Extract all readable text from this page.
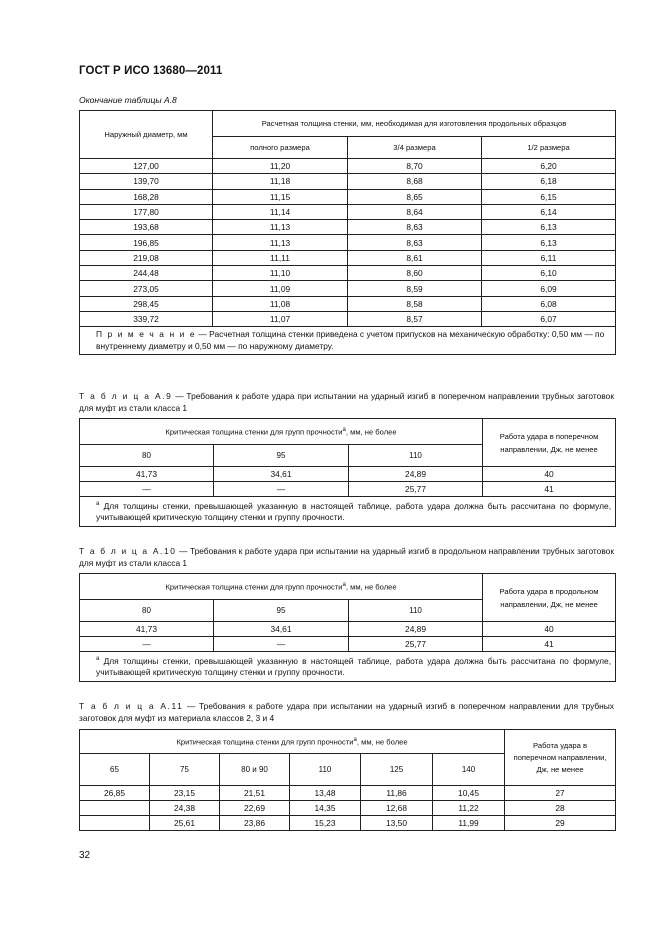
ГОСТ Р ИСО 13680—2011
Окончание таблицы А.8
Наружный диаметр, мм	Расчетная толщина стенки, мм, необходимая для изготовления продольных образцов		
	полного размера	3/4 размера	1/2 размера
127,00	11,20	8,70	6,20
139,70	11,18	8,68	6,18
168,28	11,15	8,65	6,15
177,80	11,14	8,64	6,14
193,68	11,13	8,63	6,13
196,85	11,13	8,63	6,13
219,08	11,11	8,61	6,11
244,48	11,10	8,60	6,10
273,05	11,09	8,59	6,09
298,45	11,08	8,58	6,08
339,72	11,07	8,57	6,07
П р и м е ч а н и е — Расчетная толщина стенки приведена с учетом припусков на механическую обработку: 0,50 мм — по внутреннему диаметру и 0,50 мм — по наружному диаметру.			
Т а б л и ц а А.9 — Требования к работе удара при испытании на ударный изгиб в поперечном направлении трубных заготовок для муфт из стали класса 1
Критическая толщина стенки для групп прочности$^a$, мм, не более			Работа удара в поперечном направлении, Дж, не менее
80	95	110	
41,73	34,61	24,89	40
—	—	25,77	41
$^a$ Для толщины стенки, превышающей указанную в настоящей таблице, работа удара должна быть рассчитана по формуле, учитывающей критическую толщину стенки и группу прочности.			
Т а б л и ц а А.10 — Требования к работе удара при испытании на ударный изгиб в продольном направлении трубных заготовок для муфт из стали класса 1
Критическая толщина стенки для групп прочности$^a$, мм, не более			Работа удара в продольном направлении, Дж, не менее
80	95	110	
41,73	34,61	24,89	40
—	—	25,77	41
$^a$ Для толщины стенки, превышающей указанную в настоящей таблице, работа удара должна быть рассчитана по формуле, учитывающей критическую толщину стенки и группу прочности.			
Т а б л и ц а А.11 — Требования к работе удара при испытании на ударный изгиб в поперечном направлении для трубных заготовок для муфт из материала классов 2, 3 и 4
Критическая толщина стенки для групп прочности$^a$, мм, не более						Работа удара в поперечном направлении, Дж, не менее
65	75	80 и 90	110	125	140	
26,85	23,15	21,51	13,48	11,86	10,45	27
	24,38	22,69	14,35	12,68	11,22	28
	25,61	23,86	15,23	13,50	11,99	29
32
